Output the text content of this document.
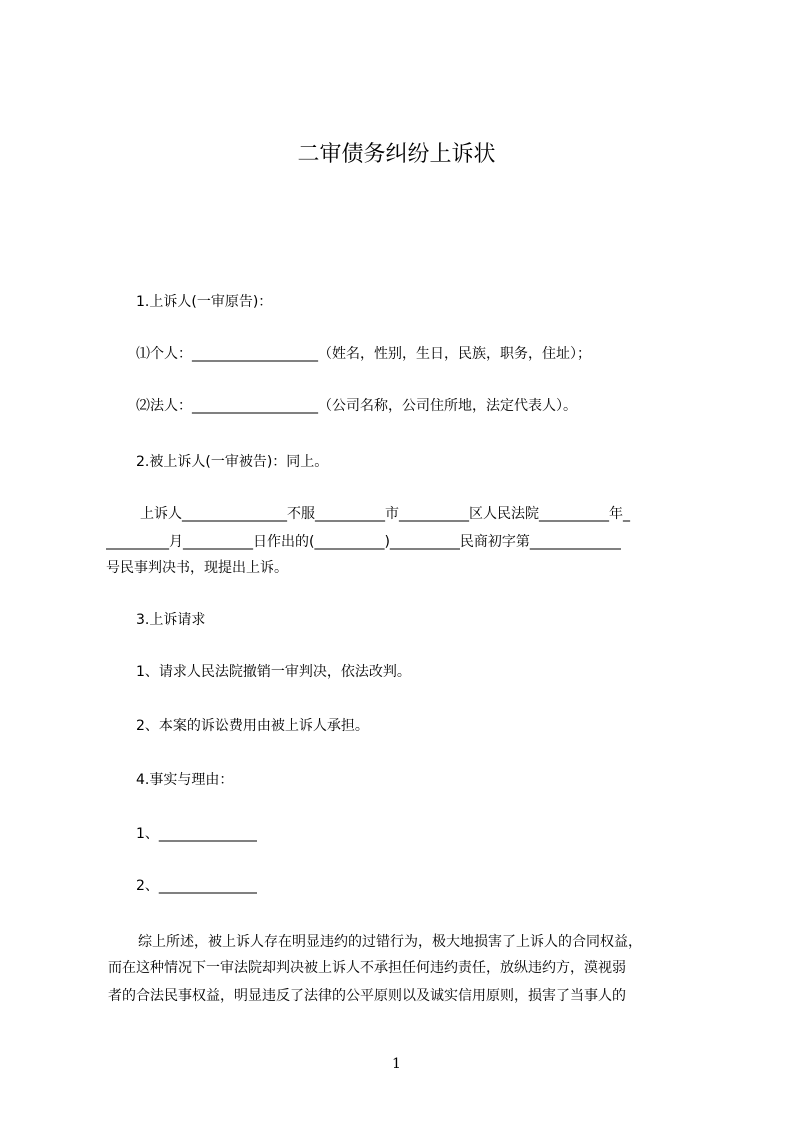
二审债务纠纷上诉状
1.上诉人(一审原告)：
⑴个人：__________________（姓名，性别，生日，民族，职务，住址）；
⑵法人：__________________（公司名称，公司住所地，法定代表人）。
2.被上诉人(一审被告)：同上。
上诉人_______________不服__________市__________区人民法院__________年_
_________月__________日作出的(__________)__________民商初字第_____________
号民事判决书，现提出上诉。
3.上诉请求
1、请求人民法院撤销一审判决，依法改判。
2、本案的诉讼费用由被上诉人承担。
4.事实与理由：
1、______________
2、______________
综上所述，被上诉人存在明显违约的过错行为，极大地损害了上诉人的合同权益，
而在这种情况下一审法院却判决被上诉人不承担任何违约责任，放纵违约方，漠视弱
者的合法民事权益，明显违反了法律的公平原则以及诚实信用原则，损害了当事人的
1
